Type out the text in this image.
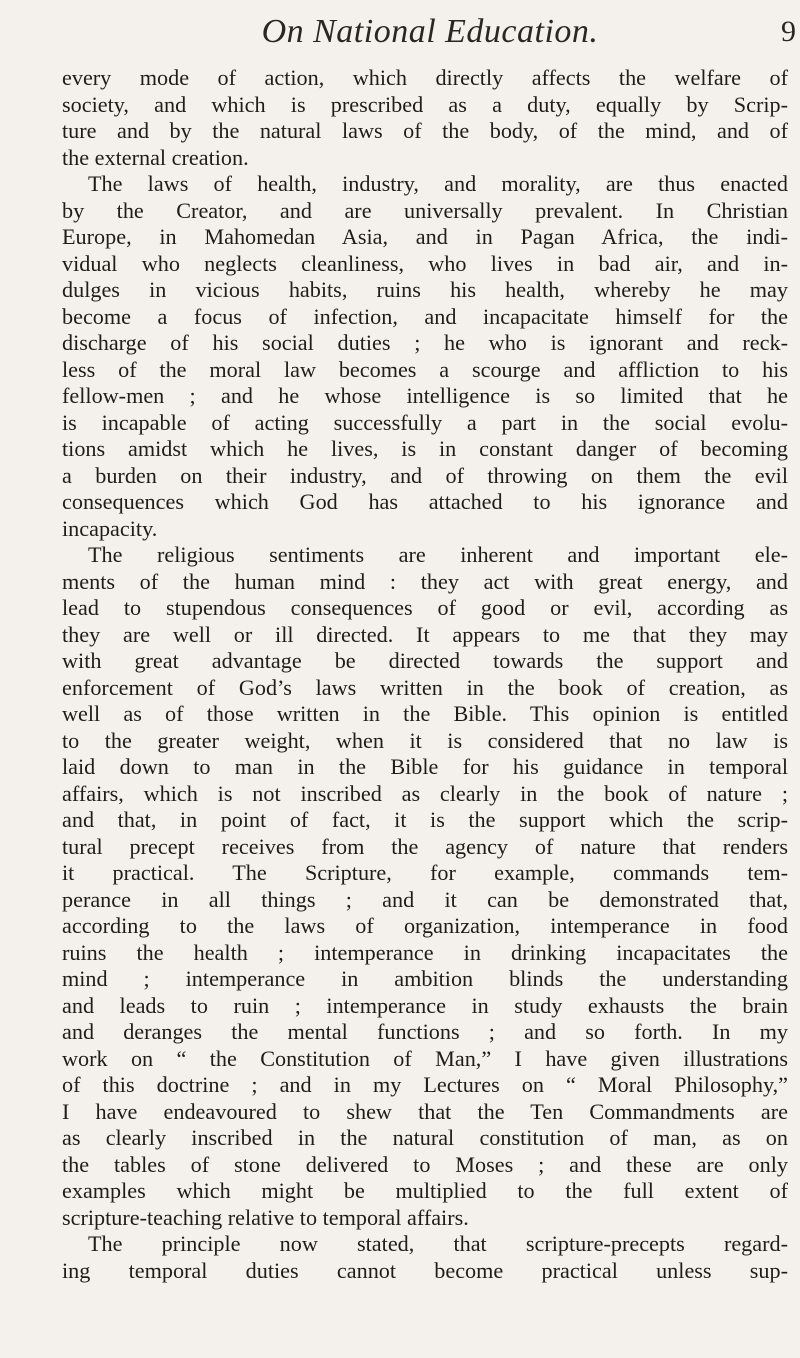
On National Education.	9
every mode of action, which directly affects the welfare of
society, and which is prescribed as a duty, equally by Scrip-
ture and by the natural laws of the body, of the mind, and of
the external creation.
The laws of health, industry, and morality, are thus enacted
by the Creator, and are universally prevalent. In Christian
Europe, in Mahomedan Asia, and in Pagan Africa, the indi-
vidual who neglects cleanliness, who lives in bad air, and in-
dulges in vicious habits, ruins his health, whereby he may
become a focus of infection, and incapacitate himself for the
discharge of his social duties ; he who is ignorant and reck-
less of the moral law becomes a scourge and affliction to his
fellow-men ; and he whose intelligence is so limited that he
is incapable of acting successfully a part in the social evolu-
tions amidst which he lives, is in constant danger of becoming
a burden on their industry, and of throwing on them the evil
consequences which God has attached to his ignorance and
incapacity.
The religious sentiments are inherent and important ele-
ments of the human mind : they act with great energy, and
lead to stupendous consequences of good or evil, according as
they are well or ill directed. It appears to me that they may
with great advantage be directed towards the support and
enforcement of God’s laws written in the book of creation, as
well as of those written in the Bible. This opinion is entitled
to the greater weight, when it is considered that no law is
laid down to man in the Bible for his guidance in temporal
affairs, which is not inscribed as clearly in the book of nature ;
and that, in point of fact, it is the support which the scrip-
tural precept receives from the agency of nature that renders
it practical. The Scripture, for example, commands tem-
perance in all things ; and it can be demonstrated that,
according to the laws of organization, intemperance in food
ruins the health ; intemperance in drinking incapacitates the
mind ; intemperance in ambition blinds the understanding
and leads to ruin ; intemperance in study exhausts the brain
and deranges the mental functions ; and so forth. In my
work on “ the Constitution of Man,” I have given illustrations
of this doctrine ; and in my Lectures on “ Moral Philosophy,”
I have endeavoured to shew that the Ten Commandments are
as clearly inscribed in the natural constitution of man, as on
the tables of stone delivered to Moses ; and these are only
examples which might be multiplied to the full extent of
scripture-teaching relative to temporal affairs.
The principle now stated, that scripture-precepts regard-
ing temporal duties cannot become practical unless sup-
